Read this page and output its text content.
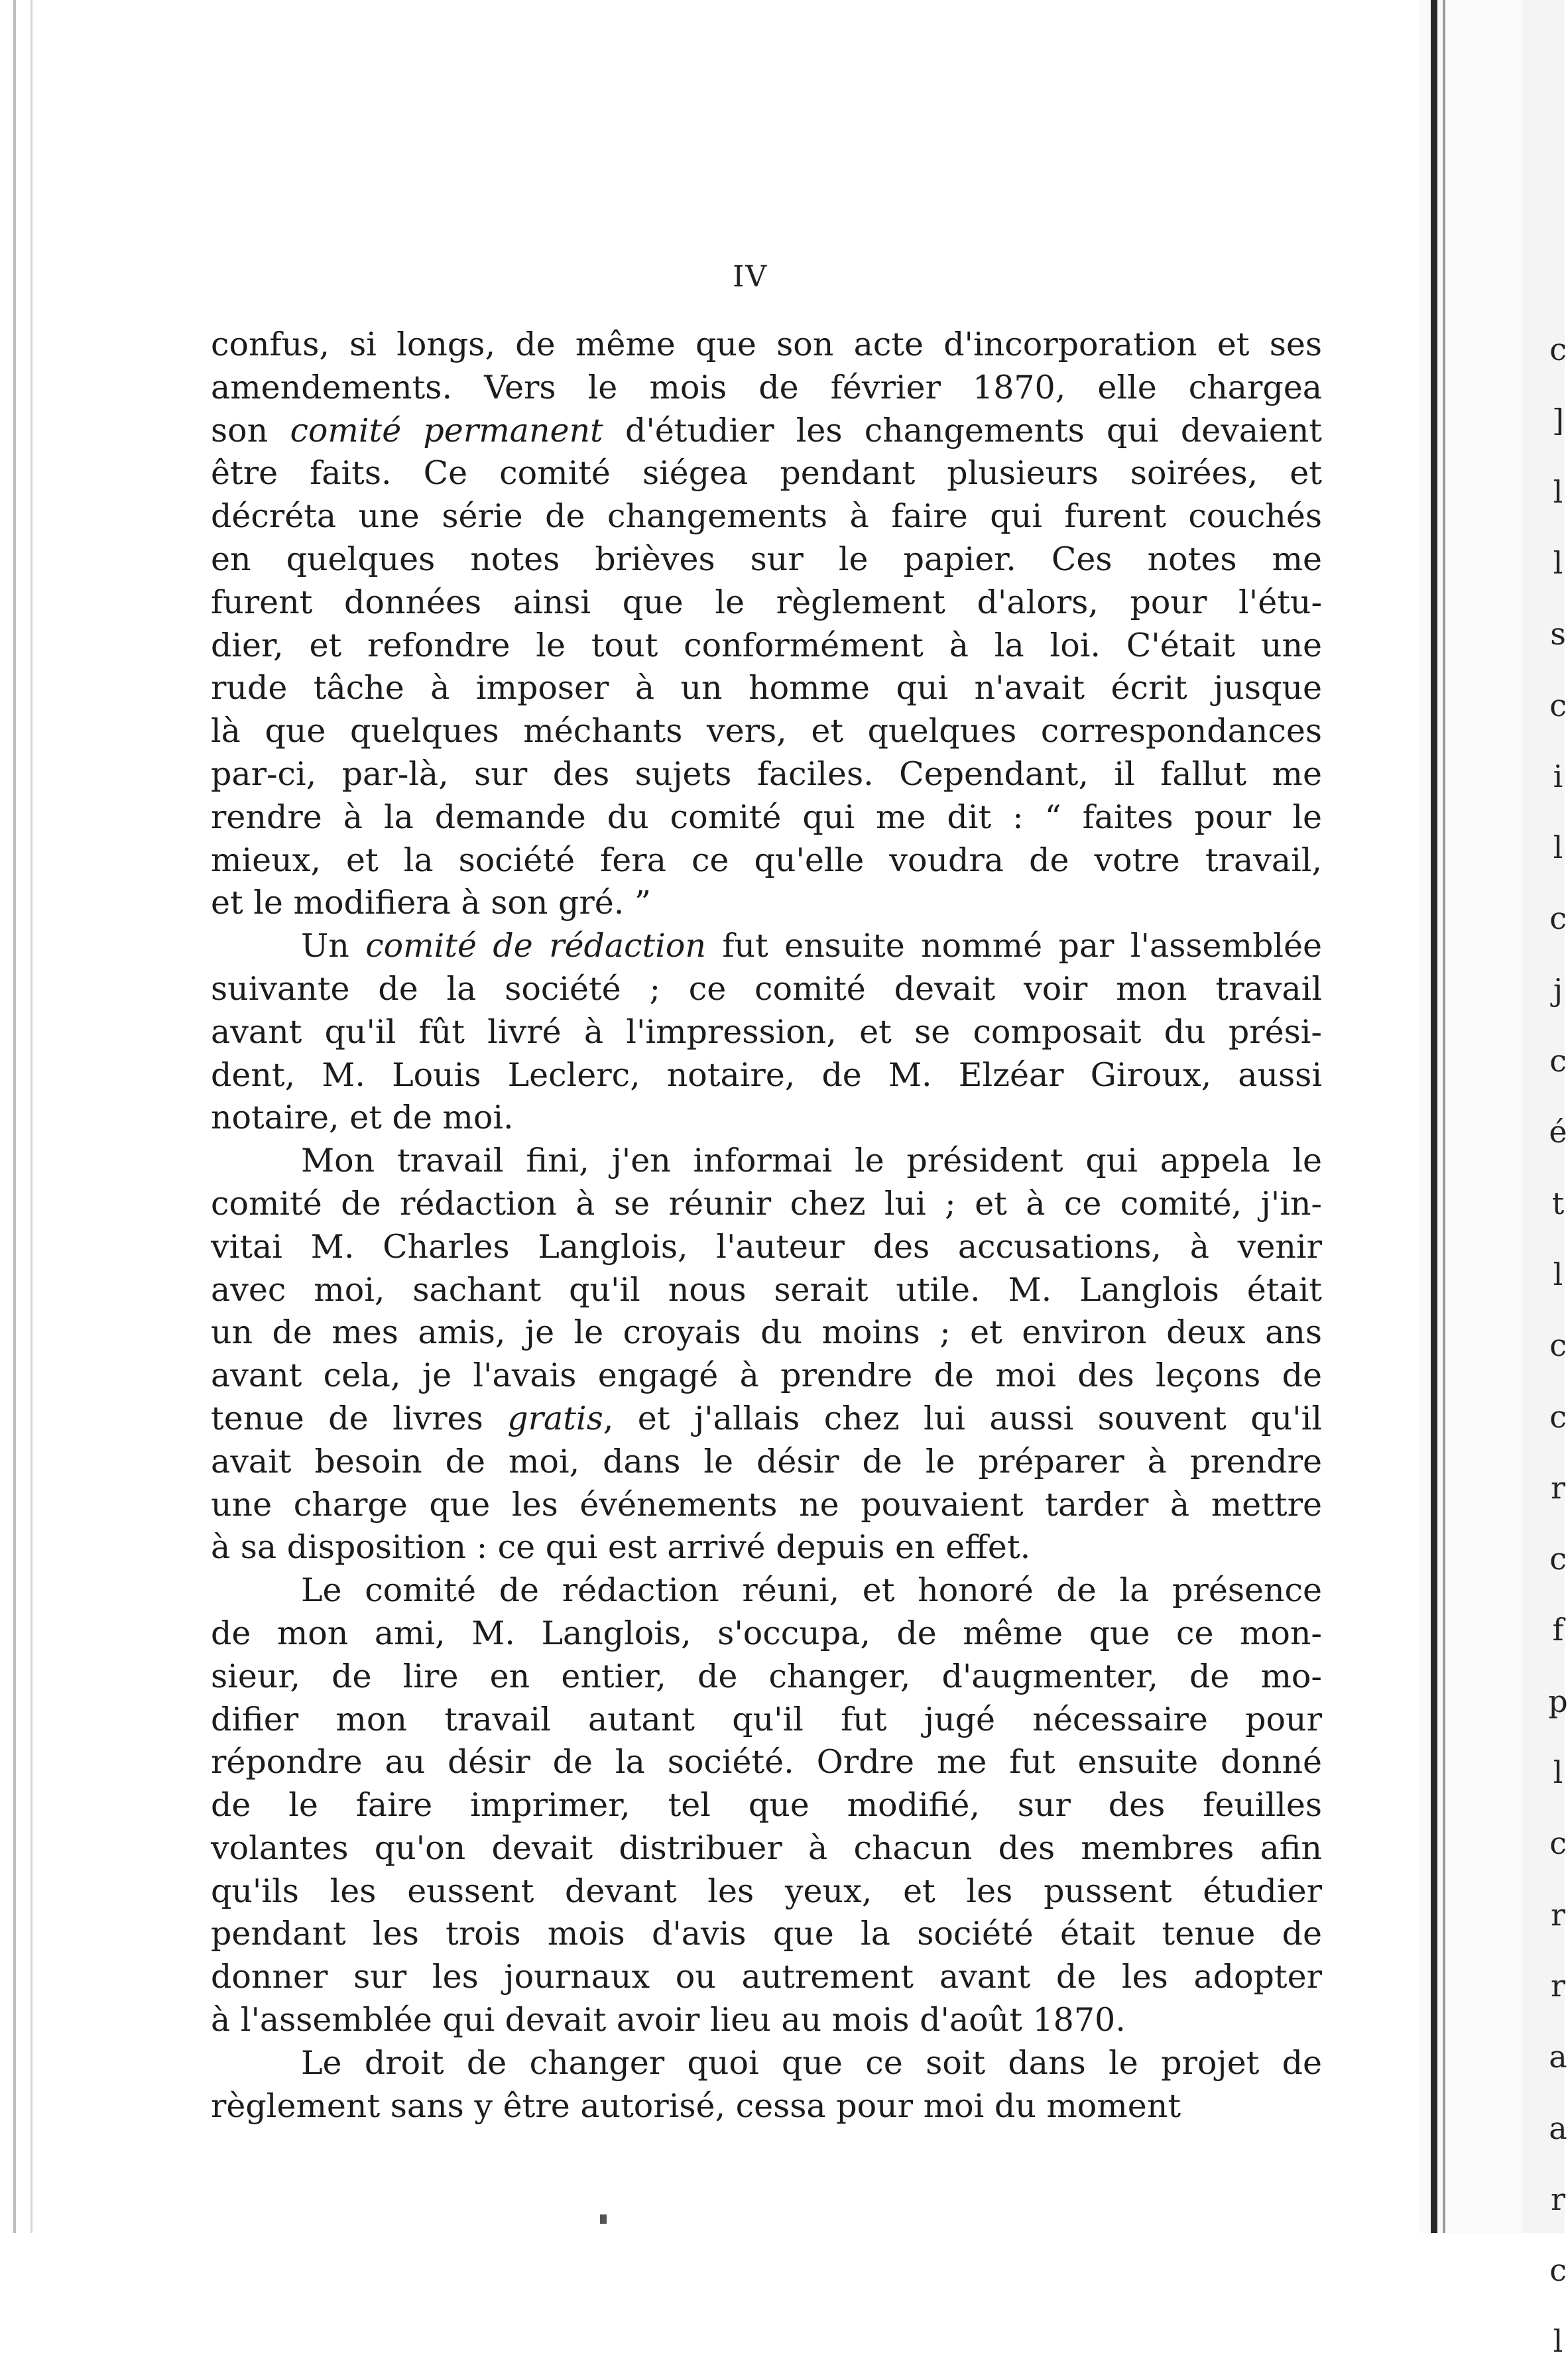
c
]
l
l
s
c
i
l
c
j
c
é
t
l
c
c
r
c
f
p
l
c
r
r
a
a
r
c
l
IV
confus, si longs, de même que son acte d'incorporation et ses
amendements. Vers le mois de février 1870, elle chargea
son comité permanent d'étudier les changements qui devaient
être faits. Ce comité siégea pendant plusieurs soirées, et
décréta une série de changements à faire qui furent couchés
en quelques notes brièves sur le papier. Ces notes me
furent données ainsi que le règlement d'alors, pour l'étu-
dier, et refondre le tout conformément à la loi. C'était une
rude tâche à imposer à un homme qui n'avait écrit jusque
là que quelques méchants vers, et quelques correspondances
par-ci, par-là, sur des sujets faciles. Cependant, il fallut me
rendre à la demande du comité qui me dit : “ faites pour le
mieux, et la société fera ce qu'elle voudra de votre travail,
et le modifiera à son gré. ”
Un comité de rédaction fut ensuite nommé par l'assemblée
suivante de la société ; ce comité devait voir mon travail
avant qu'il fût livré à l'impression, et se composait du prési-
dent, M. Louis Leclerc, notaire, de M. Elzéar Giroux, aussi
notaire, et de moi.
Mon travail fini, j'en informai le président qui appela le
comité de rédaction à se réunir chez lui ; et à ce comité, j'in-
vitai M. Charles Langlois, l'auteur des accusations, à venir
avec moi, sachant qu'il nous serait utile. M. Langlois était
un de mes amis, je le croyais du moins ; et environ deux ans
avant cela, je l'avais engagé à prendre de moi des leçons de
tenue de livres gratis, et j'allais chez lui aussi souvent qu'il
avait besoin de moi, dans le désir de le préparer à prendre
une charge que les événements ne pouvaient tarder à mettre
à sa disposition : ce qui est arrivé depuis en effet.
Le comité de rédaction réuni, et honoré de la présence
de mon ami, M. Langlois, s'occupa, de même que ce mon-
sieur, de lire en entier, de changer, d'augmenter, de mo-
difier mon travail autant qu'il fut jugé nécessaire pour
répondre au désir de la société. Ordre me fut ensuite donné
de le faire imprimer, tel que modifié, sur des feuilles
volantes qu'on devait distribuer à chacun des membres afin
qu'ils les eussent devant les yeux, et les pussent étudier
pendant les trois mois d'avis que la société était tenue de
donner sur les journaux ou autrement avant de les adopter
à l'assemblée qui devait avoir lieu au mois d'août 1870.
Le droit de changer quoi que ce soit dans le projet de
règlement sans y être autorisé, cessa pour moi du moment
